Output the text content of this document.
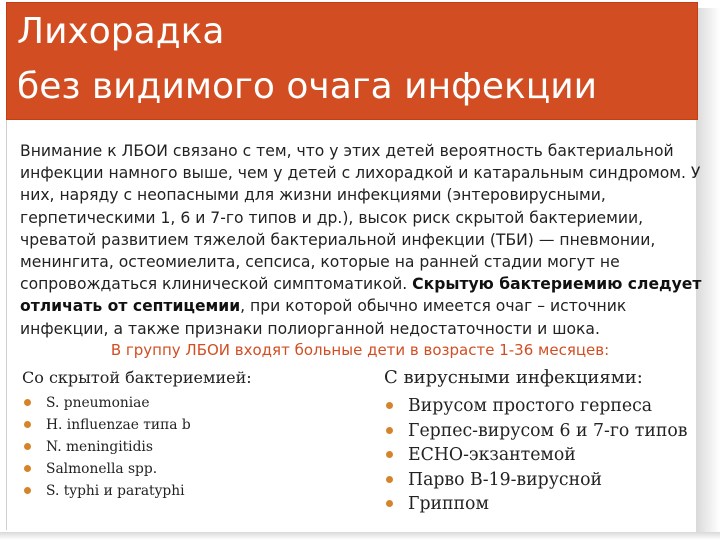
Лихорадка
без видимого очага инфекции
Внимание к ЛБОИ связано с тем, что у этих детей вероятность бактериальной
инфекции намного выше, чем у детей с лихорадкой и катаральным синдромом. У
них, наряду с неопасными для жизни инфекциями (энтеровирусными,
герпетическими 1, 6 и 7-го типов и др.), высок риск скрытой бактериемии,
чреватой развитием тяжелой бактериальной инфекции (ТБИ) — пневмонии,
менингита, остеомиелита, сепсиса, которые на ранней стадии могут не
сопровождаться клинической симптоматикой. Скрытую бактериемию следует
отличать от септицемии, при которой обычно имеется очаг – источник
инфекции, а также признаки полиорганной недостаточности и шока.
В группу ЛБОИ входят больные дети в возрасте 1-36 месяцев:
Со скрытой бактериемией:
S. pneumoniae
H. influenzae типа b
N. meningitidis
Salmonella spp.
S. typhi и paratyphi
С вирусными инфекциями:
Вирусом простого герпеса
Герпес-вирусом 6 и 7-го типов
ЕСНО-экзантемой
Парво В-19-вирусной
Гриппом
